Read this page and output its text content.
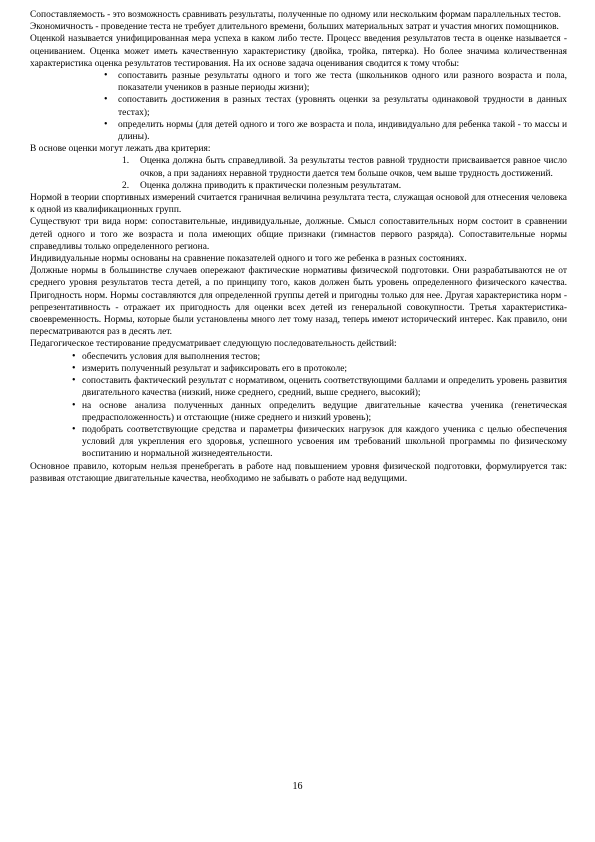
Сопоставляемость - это возможность сравнивать результаты, полученные по одному или нескольким формам параллельных тестов.

Экономичность - проведение теста не требует длительного времени, больших материальных затрат и участия многих помощников.

Оценкой называется унифицированная мера успеха в каком либо тесте. Процесс введения результатов теста в оценке называется - оцениванием. Оценка может иметь качественную характеристику (двойка, тройка, пятерка). Но более значима количественная характеристика оценка результатов тестирования. На их основе задача оценивания сводится к тому чтобы:

• сопоставить разные результаты одного и того же теста (школьников одного или разного возраста и пола, показатели учеников в разные периоды жизни);
• сопоставить достижения в разных тестах (уровнять оценки за результаты одинаковой трудности в данных тестах);
• определить нормы (для детей одного и того же возраста и пола, индивидуально для ребенка такой - то массы и длины).

В основе оценки могут лежать два критерия:

1. Оценка должна быть справедливой. За результаты тестов равной трудности присваивается равное число очков, а при заданиях неравной трудности дается тем больше очков, чем выше трудность достижений.
2. Оценка должна приводить к практически полезным результатам.

Нормой в теории спортивных измерений считается граничная величина результата теста, служащая основой для отнесения человека к одной из квалификационных групп.

Существуют три вида норм: сопоставительные, индивидуальные, должные. Смысл сопоставительных норм состоит в сравнении детей одного и того же возраста и пола имеющих общие признаки (гимнастов первого разряда). Сопоставительные нормы справедливы только определенного региона.

Индивидуальные нормы основаны на сравнение показателей одного и того же ребенка в разных состояниях.

Должные нормы в большинстве случаев опережают фактические нормативы физической подготовки. Они разрабатываются не от среднего уровня результатов теста детей, а по принципу того, каков должен быть уровень определенного физического качества. Пригодность норм. Нормы составляются для определенной группы детей и пригодны только для нее. Другая характеристика норм - репрезентативность - отражает их пригодность для оценки всех детей из генеральной совокупности. Третья характеристика-своевременность. Нормы, которые были установлены много лет тому назад, теперь имеют исторический интерес. Как правило, они пересматриваются раз в десять лет.

Педагогическое тестирование предусматривает следующую последовательность действий:

• обеспечить условия для выполнения тестов;
• измерить полученный результат и зафиксировать его в протоколе;
• сопоставить фактический результат с нормативом, оценить соответствующими баллами и определить уровень развития двигательного качества (низкий, ниже среднего, средний, выше среднего, высокий);
• на основе анализа полученных данных определить ведущие двигательные качества ученика (генетическая предрасположенность) и отстающие (ниже среднего и низкий уровень);
• подобрать соответствующие средства и параметры физических нагрузок для каждого ученика с целью обеспечения условий для укрепления его здоровья, успешного усвоения им требований школьной программы по физическому воспитанию и нормальной жизнедеятельности.

Основное правило, которым нельзя пренебрегать в работе над повышением уровня физической подготовки, формулируется так: развивая отстающие двигательные качества, необходимо не забывать о работе над ведущими.

16
